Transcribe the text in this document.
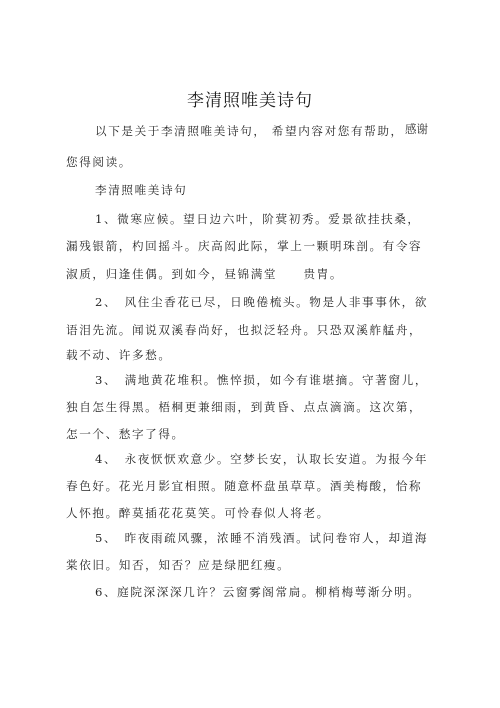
李清照唯美诗句
以下是关于李清照唯美诗句， 希望内容对您有帮助， 感谢
您得阅读。
李清照唯美诗句
1、微寒应候。望日边六叶，阶蓂初秀。爱景欲挂扶桑，
漏残银箭，杓回摇斗。庆高闳此际，掌上一颗明珠剖。有令容
淑质，归逢佳偶。到如今，昼锦满堂　　贵胄。
2、　风住尘香花已尽，日晚倦梳头。物是人非事事休，欲
语泪先流。闻说双溪春尚好，也拟泛轻舟。只恐双溪舴艋舟，
载不动、许多愁。
3、　满地黄花堆积。憔悴损，如今有谁堪摘。守著窗儿，
独自怎生得黑。梧桐更兼细雨，到黄昏、点点滴滴。这次第，
怎一个、愁字了得。
4、　永夜恹恹欢意少。空梦长安，认取长安道。为报今年
春色好。花光月影宜相照。随意杯盘虽草草。酒美梅酸，恰称
人怀抱。醉莫插花花莫笑。可怜春似人将老。
5、　昨夜雨疏风骤，浓睡不消残酒。试问卷帘人，却道海
棠依旧。知否，知否？应是绿肥红瘦。
6、庭院深深深几许？云窗雾阁常扃。柳梢梅萼渐分明。
